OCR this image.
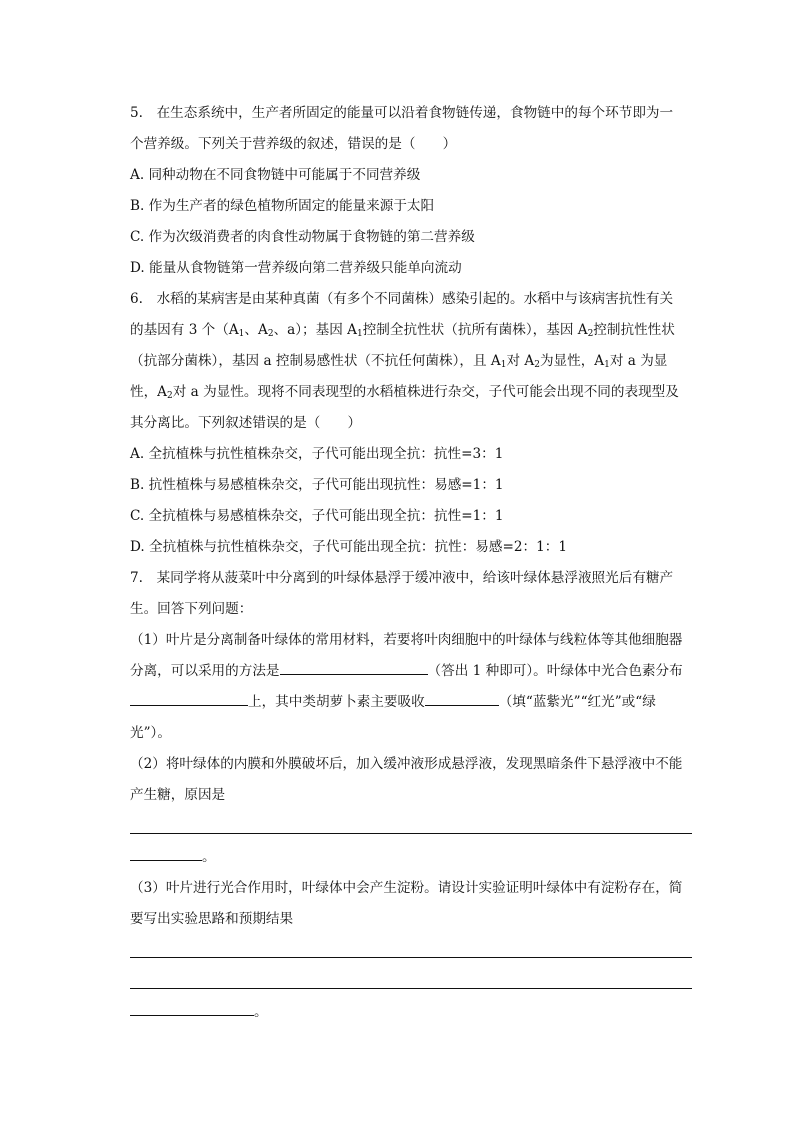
5.　在生态系统中，生产者所固定的能量可以沿着食物链传递，食物链中的每个环节即为一
个营养级。下列关于营养级的叙述，错误的是（　　）
A. 同种动物在不同食物链中可能属于不同营养级
B. 作为生产者的绿色植物所固定的能量来源于太阳
C. 作为次级消费者的肉食性动物属于食物链的第二营养级
D. 能量从食物链第一营养级向第二营养级只能单向流动
6.　水稻的某病害是由某种真菌（有多个不同菌株）感染引起的。水稻中与该病害抗性有关
的基因有 3 个（$A_1$、$A_2$、a）；基因 $A_1$控制全抗性状（抗所有菌株），基因 $A_2$控制抗性性状
（抗部分菌株），基因 a 控制易感性状（不抗任何菌株），且 $A_1$对 $A_2$为显性，$A_1$对 a 为显
性，$A_2$对 a 为显性。现将不同表现型的水稻植株进行杂交，子代可能会出现不同的表现型及
其分离比。下列叙述错误的是（　　）
A. 全抗植株与抗性植株杂交，子代可能出现全抗：抗性=3：1
B. 抗性植株与易感植株杂交，子代可能出现抗性：易感=1：1
C. 全抗植株与易感植株杂交，子代可能出现全抗：抗性=1：1
D. 全抗植株与抗性植株杂交，子代可能出现全抗：抗性：易感=2：1：1
7.　某同学将从菠菜叶中分离到的叶绿体悬浮于缓冲液中，给该叶绿体悬浮液照光后有糖产
生。回答下列问题：
（1）叶片是分离制备叶绿体的常用材料，若要将叶肉细胞中的叶绿体与线粒体等其他细胞器
分离，可以采用的方法是	（答出 1 种即可）。叶绿体中光合色素分布
上，其中类胡萝卜素主要吸收	（填“蓝紫光”“红光”或“绿
光”）。
（2）将叶绿体的内膜和外膜破坏后，加入缓冲液形成悬浮液，发现黑暗条件下悬浮液中不能
产生糖，原因是
。
（3）叶片进行光合作用时，叶绿体中会产生淀粉。请设计实验证明叶绿体中有淀粉存在，简
要写出实验思路和预期结果
。
